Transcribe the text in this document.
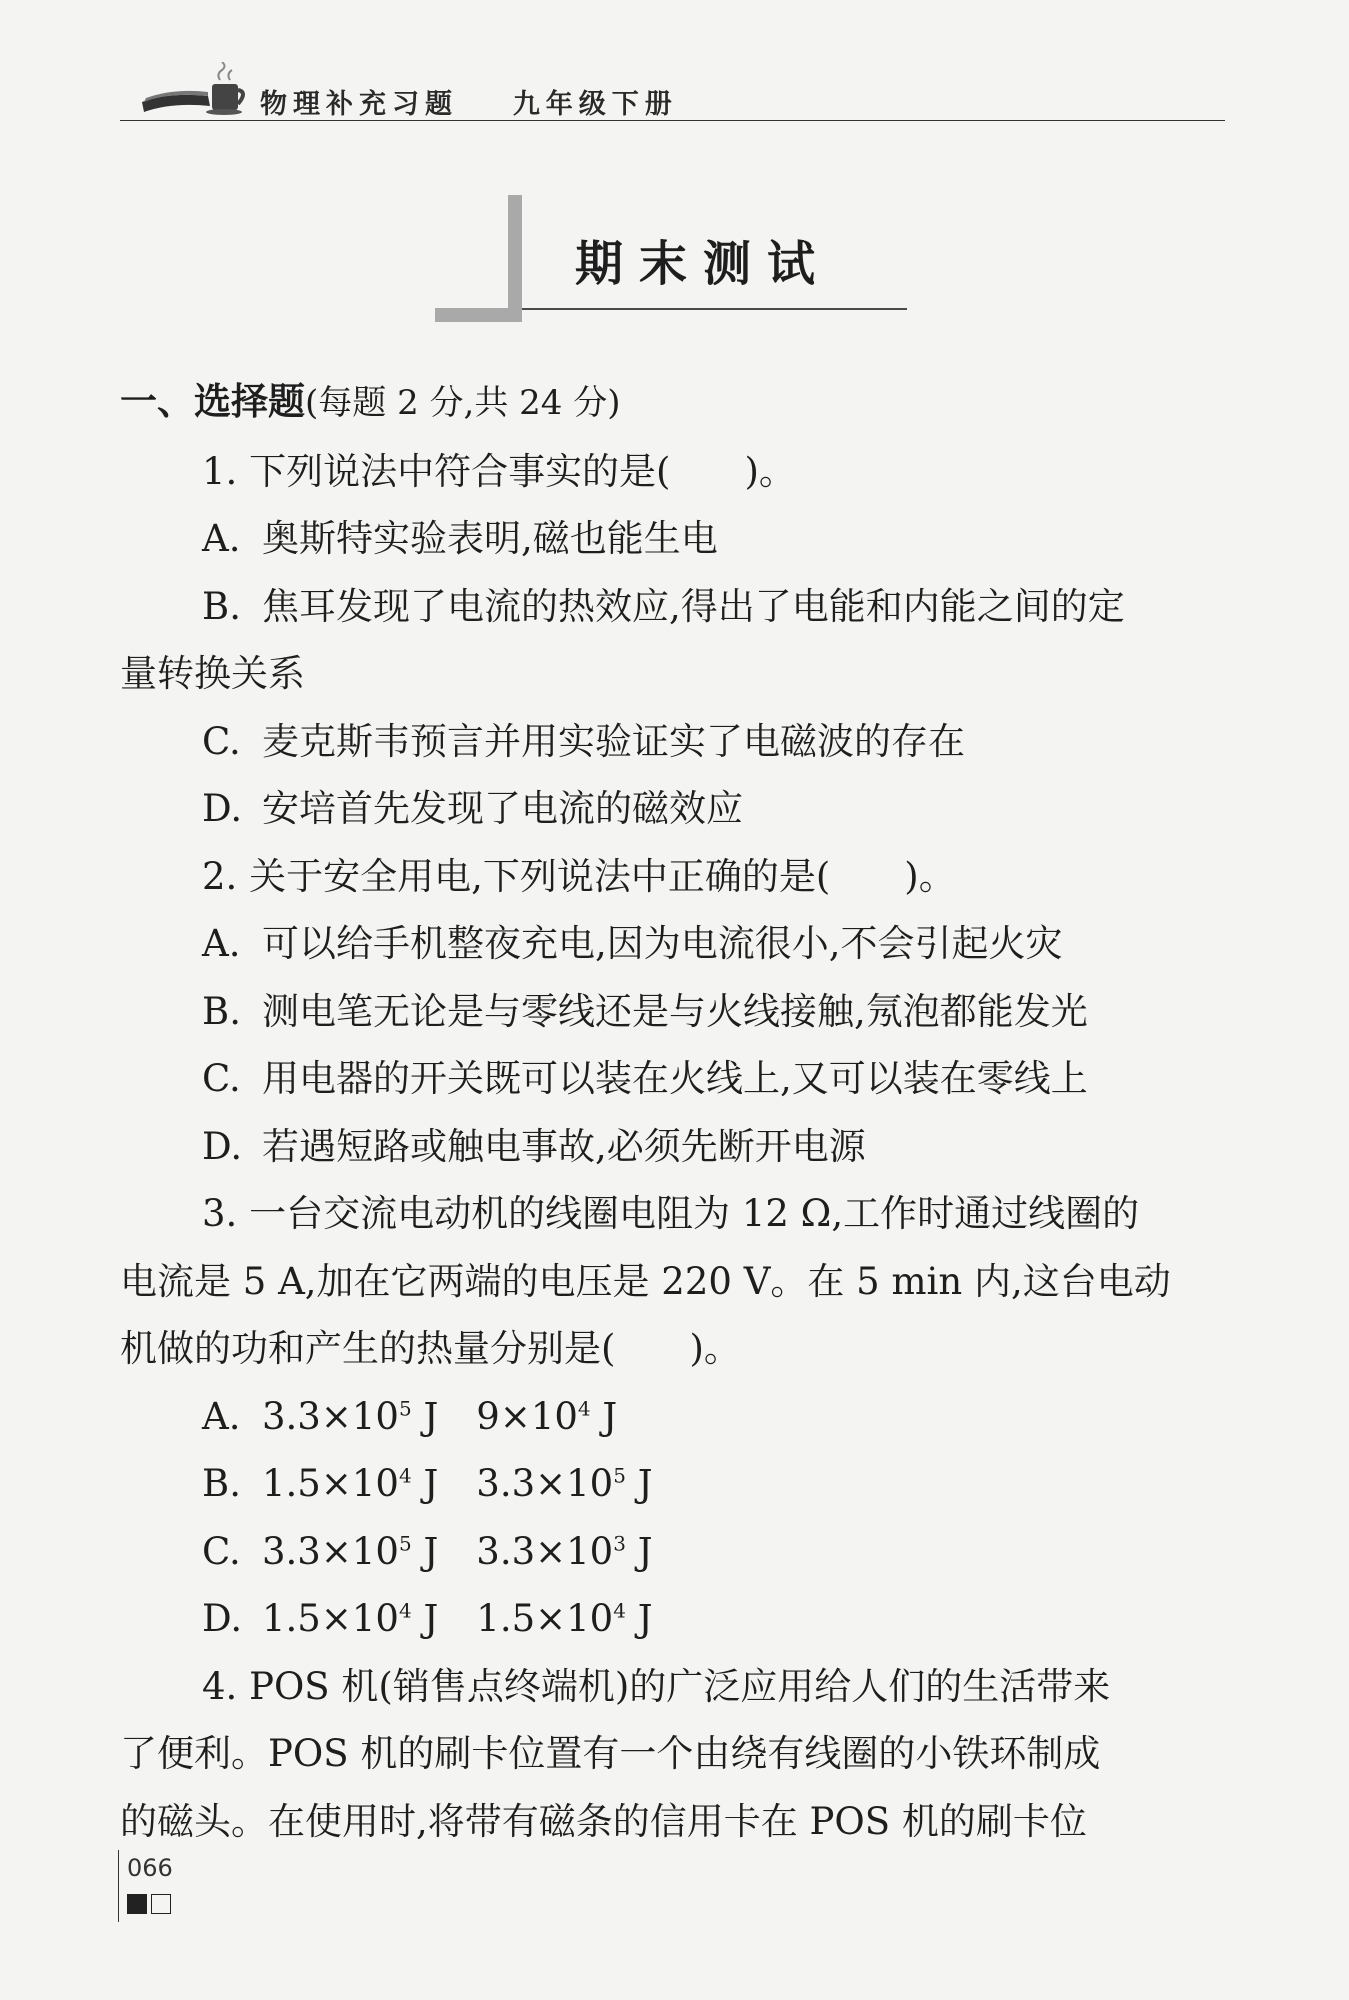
物理补充习题 九年级下册
期末测试

一、选择题(每题 2 分,共 24 分)

1. 下列说法中符合事实的是( )。

A. 奥斯特实验表明,磁也能生电

B. 焦耳发现了电流的热效应,得出了电能和内能之间的定

量转换关系

C. 麦克斯韦预言并用实验证实了电磁波的存在

D. 安培首先发现了电流的磁效应

2. 关于安全用电,下列说法中正确的是( )。

A. 可以给手机整夜充电,因为电流很小,不会引起火灾

B. 测电笔无论是与零线还是与火线接触,氖泡都能发光

C. 用电器的开关既可以装在火线上,又可以装在零线上

D. 若遇短路或触电事故,必须先断开电源

3. 一台交流电动机的线圈电阻为 12 Ω,工作时通过线圈的

电流是 5 A,加在它两端的电压是 220 V。在 5 min 内,这台电动

机做的功和产生的热量分别是( )。

A. $3.3\times 10^5$ J $9\times 10^4$ J

B. $1.5\times 10^4$ J $3.3\times 10^5$ J

C. $3.3\times 10^5$ J $3.3\times 10^3$ J

D. $1.5\times 10^4$ J $1.5\times 10^4$ J

4. POS 机(销售点终端机)的广泛应用给人们的生活带来

了便利。POS 机的刷卡位置有一个由绕有线圈的小铁环制成

的磁头。在使用时,将带有磁条的信用卡在 POS 机的刷卡位

066
